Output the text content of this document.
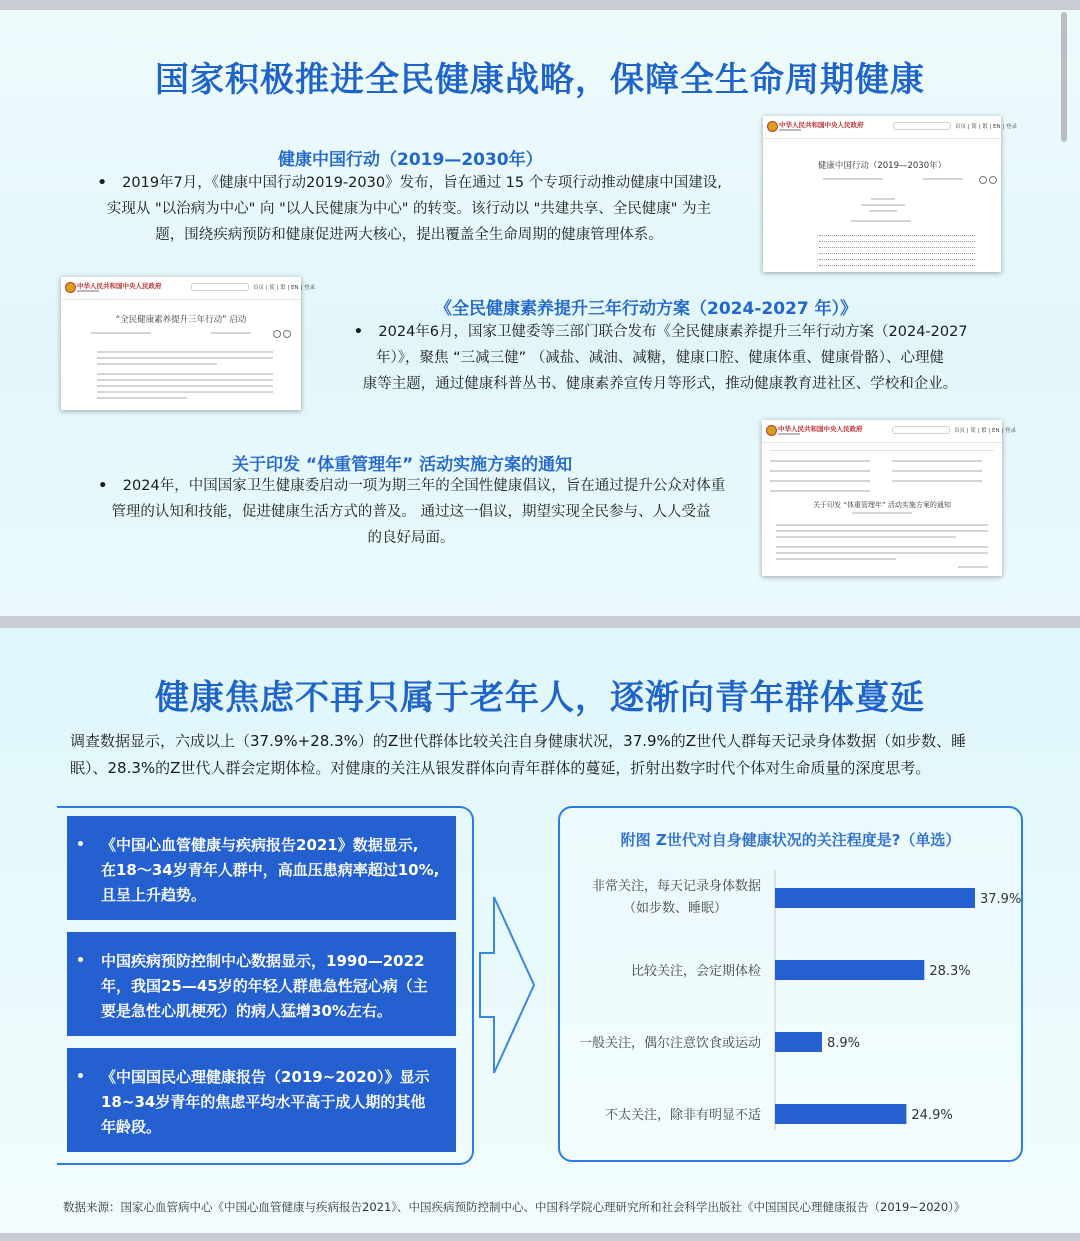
国家积极推进全民健康战略，保障全生命周期健康
健康中国行动（2019—2030年）
• 2019年7月，《健康中国行动2019-2030》发布，旨在通过 15 个专项行动推动健康中国建设,
实现从 "以治病为中心" 向 "以人民健康为中心" 的转变。该行动以 "共建共享、全民健康" 为主
题，围绕疾病预防和健康促进两大核心，提出覆盖全生命周期的健康管理体系。
中华人民共和国中央人民政府	首页 | 简 | 繁 | EN | 登录
健康中国行动（2019—2030年）
中华人民共和国中央人民政府	首页 | 简 | 繁 | EN | 登录
“全民健康素养提升三年行动” 启动
《全民健康素养提升三年行动方案（2024-2027 年）》
• 2024年6月，国家卫健委等三部门联合发布《全民健康素养提升三年行动方案（2024-2027
年）》，聚焦 “三减三健” （减盐、减油、减糖，健康口腔、健康体重、健康骨骼）、心理健
康等主题，通过健康科普丛书、健康素养宣传月等形式，推动健康教育进社区、学校和企业。
关于印发 “体重管理年” 活动实施方案的通知
• 2024年，中国国家卫生健康委启动一项为期三年的全国性健康倡议，旨在通过提升公众对体重
管理的认知和技能，促进健康生活方式的普及。 通过这一倡议，期望实现全民参与、人人受益
的良好局面。
中华人民共和国中央人民政府	首页 | 简 | 繁 | EN | 登录
关于印发 “体重管理年” 活动实施方案的通知
健康焦虑不再只属于老年人，逐渐向青年群体蔓延
调查数据显示，六成以上（37.9%+28.3%）的Z世代群体比较关注自身健康状况，37.9%的Z世代人群每天记录身体数据（如步数、睡
眠）、28.3%的Z世代人群会定期体检。对健康的关注从银发群体向青年群体的蔓延，折射出数字时代个体对生命质量的深度思考。
• 《中国心血管健康与疾病报告2021》数据显示,
在18～34岁青年人群中，高血压患病率超过10%,
且呈上升趋势。
• 中国疾病预防控制中心数据显示，1990—2022
年，我国25—45岁的年轻人群患急性冠心病（主
要是急性心肌梗死）的病人猛增30%左右。
• 《中国国民心理健康报告（2019~2020）》显示
18~34岁青年的焦虑平均水平高于成人期的其他
年龄段。
附图 Z世代对自身健康状况的关注程度是?（单选）
37.9%
非常关注，每天记录身体数据
（如步数、睡眠）
28.3%
比较关注，会定期体检
8.9%
一般关注，偶尔注意饮食或运动
24.9%
不太关注，除非有明显不适
数据来源：国家心血管病中心《中国心血管健康与疾病报告2021》、中国疾病预防控制中心、中国科学院心理研究所和社会科学出版社《中国国民心理健康报告（2019~2020）》
